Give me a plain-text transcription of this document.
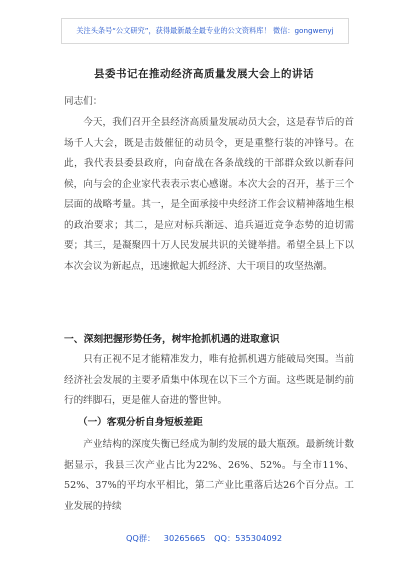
关注头条号“公文研究”，获得最新最全最专业的公文资料库！ 微信：gongwenyj
县委书记在推动经济高质量发展大会上的讲话
同志们：
今天，我们召开全县经济高质量发展动员大会，这是春节后的首场千人大会，既是击鼓催征的动员令，更是重整行装的冲锋号。在此，我代表县委县政府，向奋战在各条战线的干部群众致以新春问候，向与会的企业家代表表示衷心感谢。本次大会的召开，基于三个层面的战略考量。其一，是全面承接中央经济工作会议精神落地生根的政治要求；其二，是应对标兵渐远、追兵逼近竞争态势的迫切需要；其三，是凝聚四十万人民发展共识的关键举措。希望全县上下以本次会议为新起点，迅速掀起大抓经济、大干项目的攻坚热潮。
一、深刻把握形势任务，树牢抢抓机遇的进取意识
只有正视不足才能精准发力，唯有抢抓机遇方能破局突围。当前经济社会发展的主要矛盾集中体现在以下三个方面。这些既是制约前行的绊脚石，更是催人奋进的警世钟。
（一）客观分析自身短板差距
产业结构的深度失衡已经成为制约发展的最大瓶颈。最新统计数据显示，我县三次产业占比为22%、26%、52%。与全市11%、52%、37%的平均水平相比，第二产业比重落后达26个百分点。工业发展的持续
QQ群： 30265665 QQ：535304092
